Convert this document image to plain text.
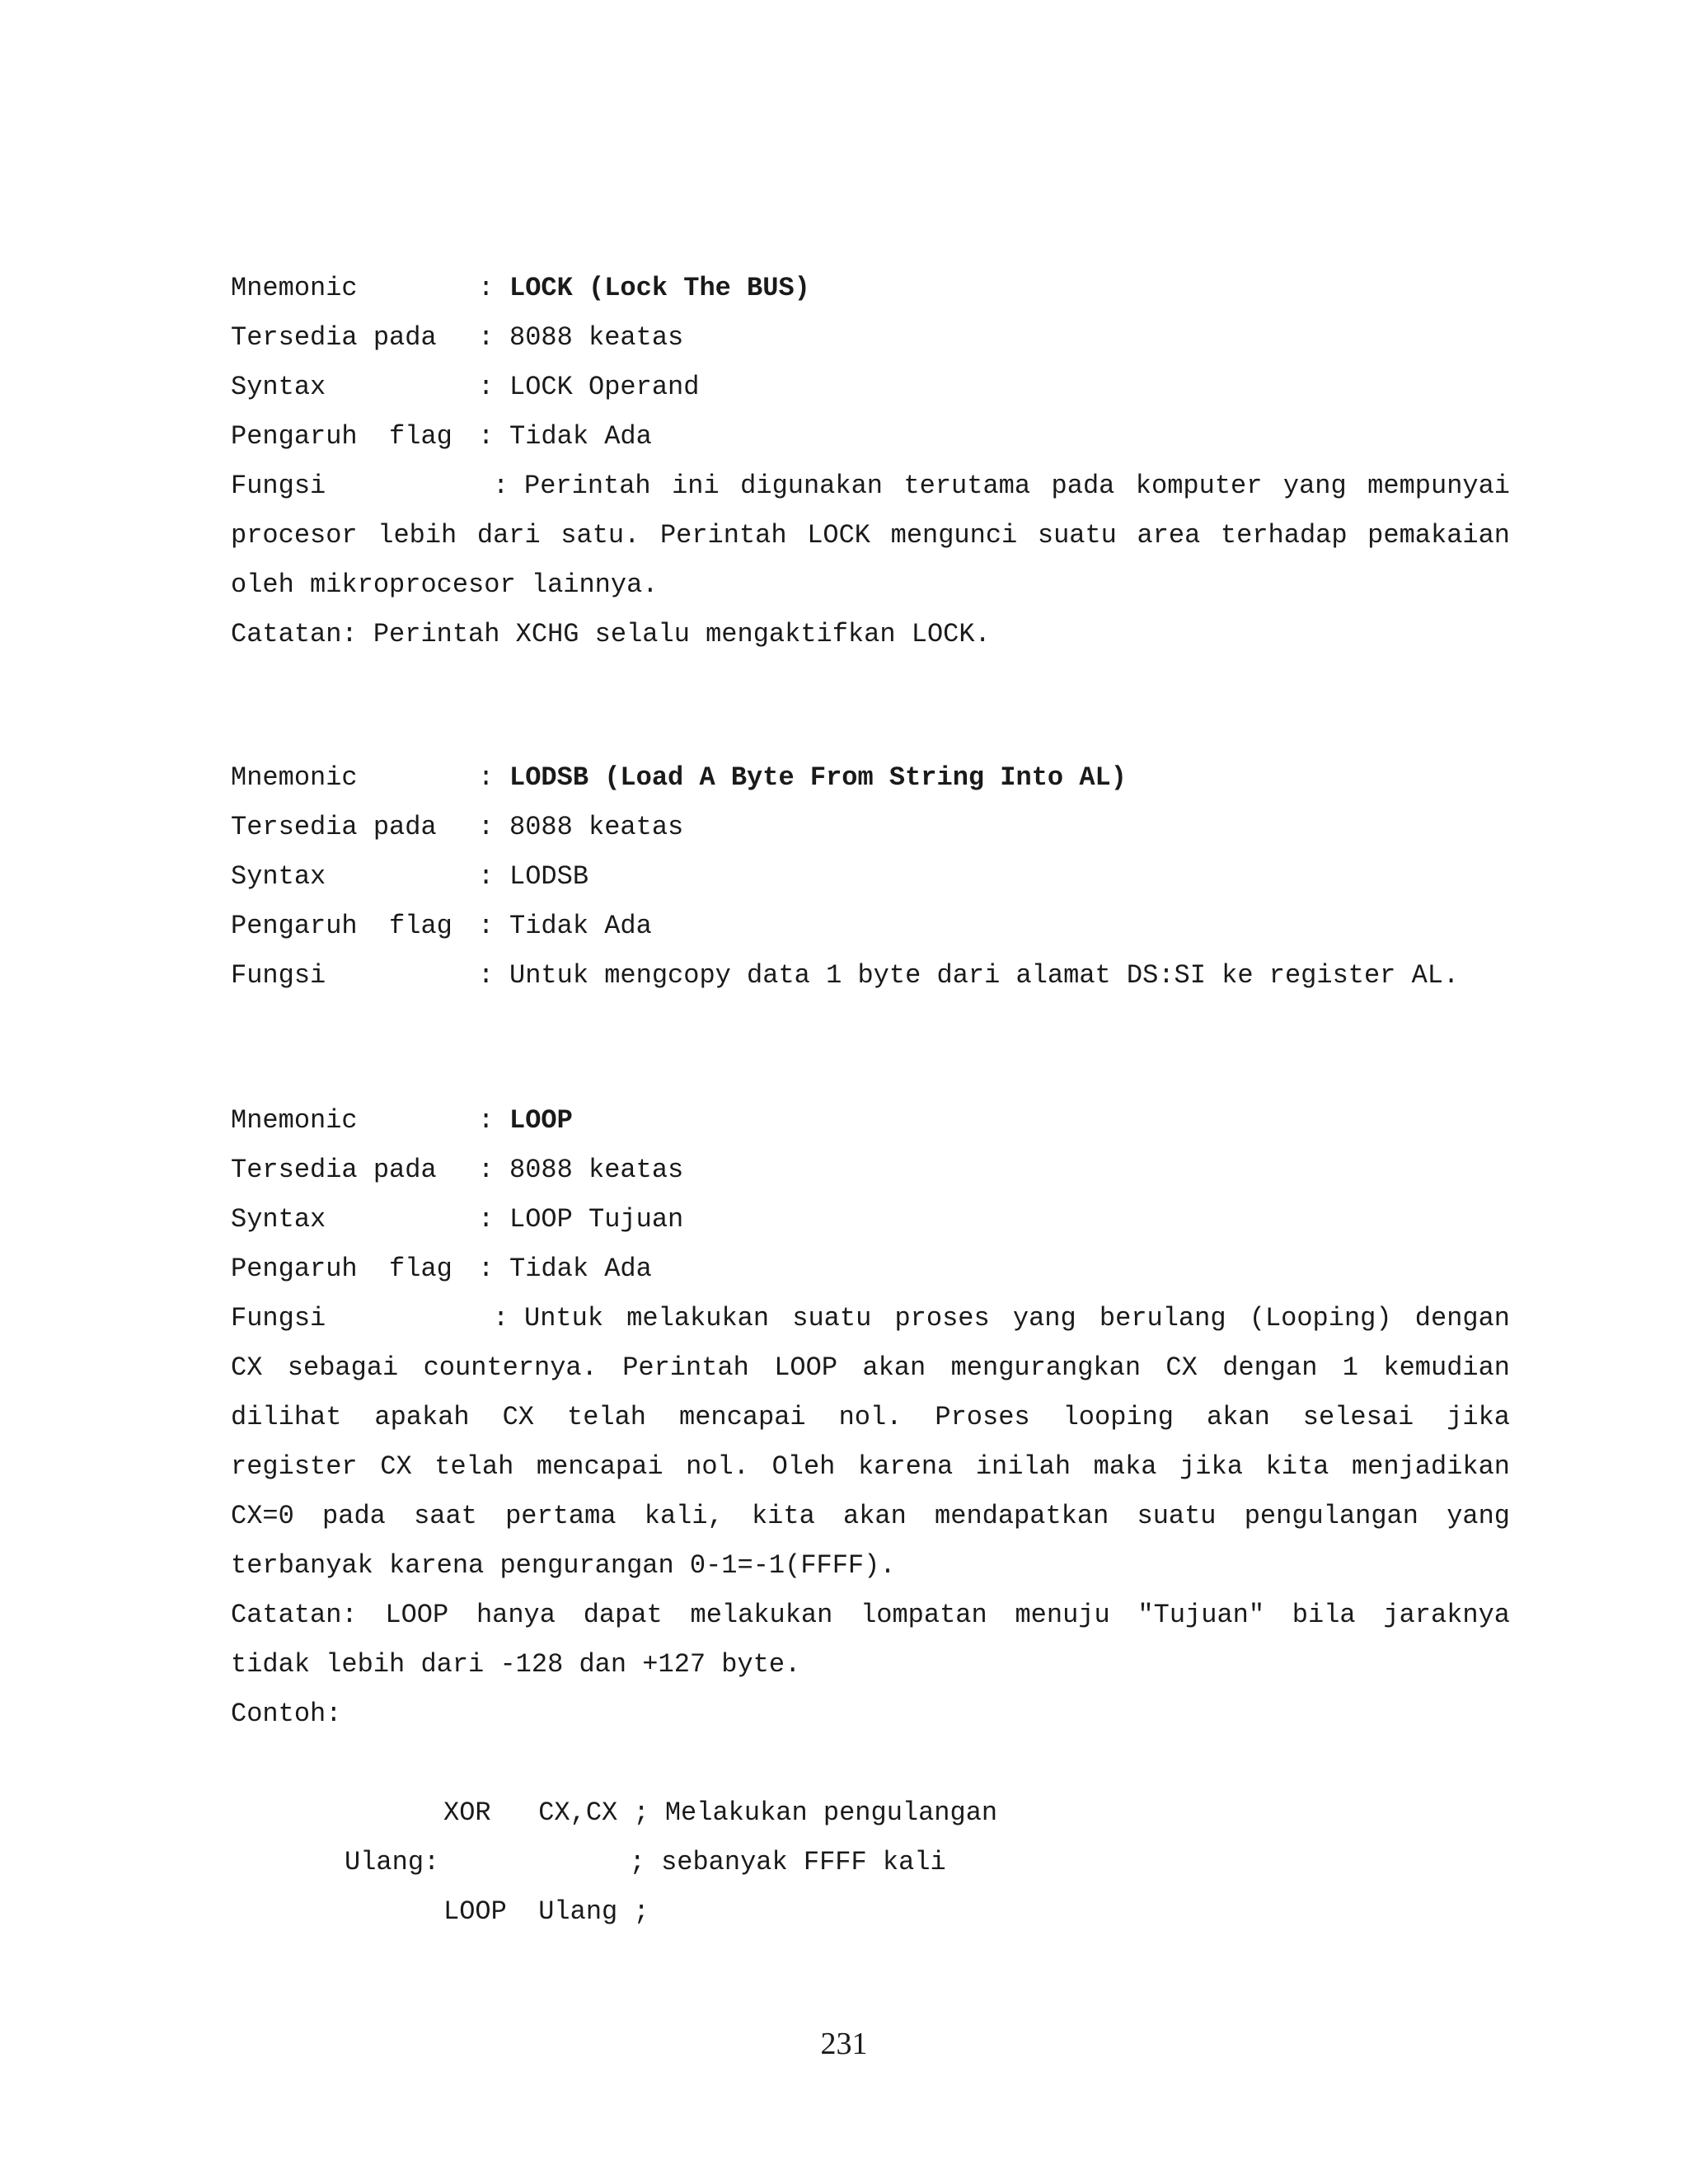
Mnemonic	: LOCK (Lock The BUS)
Tersedia pada	: 8088 keatas
Syntax	: LOCK Operand
Pengaruh  flag : Tidak Ada
Fungsi	: Perintah ini digunakan terutama pada komputer yang mempunyai
procesor lebih dari satu. Perintah LOCK mengunci suatu area terhadap pemakaian
oleh mikroprocesor lainnya.
Catatan: Perintah XCHG selalu mengaktifkan LOCK.
Mnemonic	: LODSB (Load A Byte From String Into AL)
Tersedia pada	: 8088 keatas
Syntax	: LODSB
Pengaruh  flag : Tidak Ada
Fungsi	: Untuk mengcopy data 1 byte dari alamat DS:SI ke register AL.
Mnemonic	: LOOP
Tersedia pada	: 8088 keatas
Syntax	: LOOP Tujuan
Pengaruh  flag : Tidak Ada
Fungsi	: Untuk melakukan suatu proses yang berulang (Looping) dengan
CX sebagai counternya. Perintah LOOP akan mengurangkan CX dengan 1 kemudian
dilihat apakah CX telah mencapai nol. Proses looping akan selesai jika
register CX telah mencapai nol. Oleh karena inilah maka jika kita menjadikan
CX=0 pada saat pertama kali, kita akan mendapatkan suatu pengulangan yang
terbanyak karena pengurangan 0-1=-1(FFFF).
Catatan: LOOP hanya dapat melakukan lompatan menuju "Tujuan" bila jaraknya
tidak lebih dari -128 dan +127 byte.
Contoh:
XOR   CX,CX ; Melakukan pengulangan
Ulang:            ; sebanyak FFFF kali
LOOP  Ulang ;
231
